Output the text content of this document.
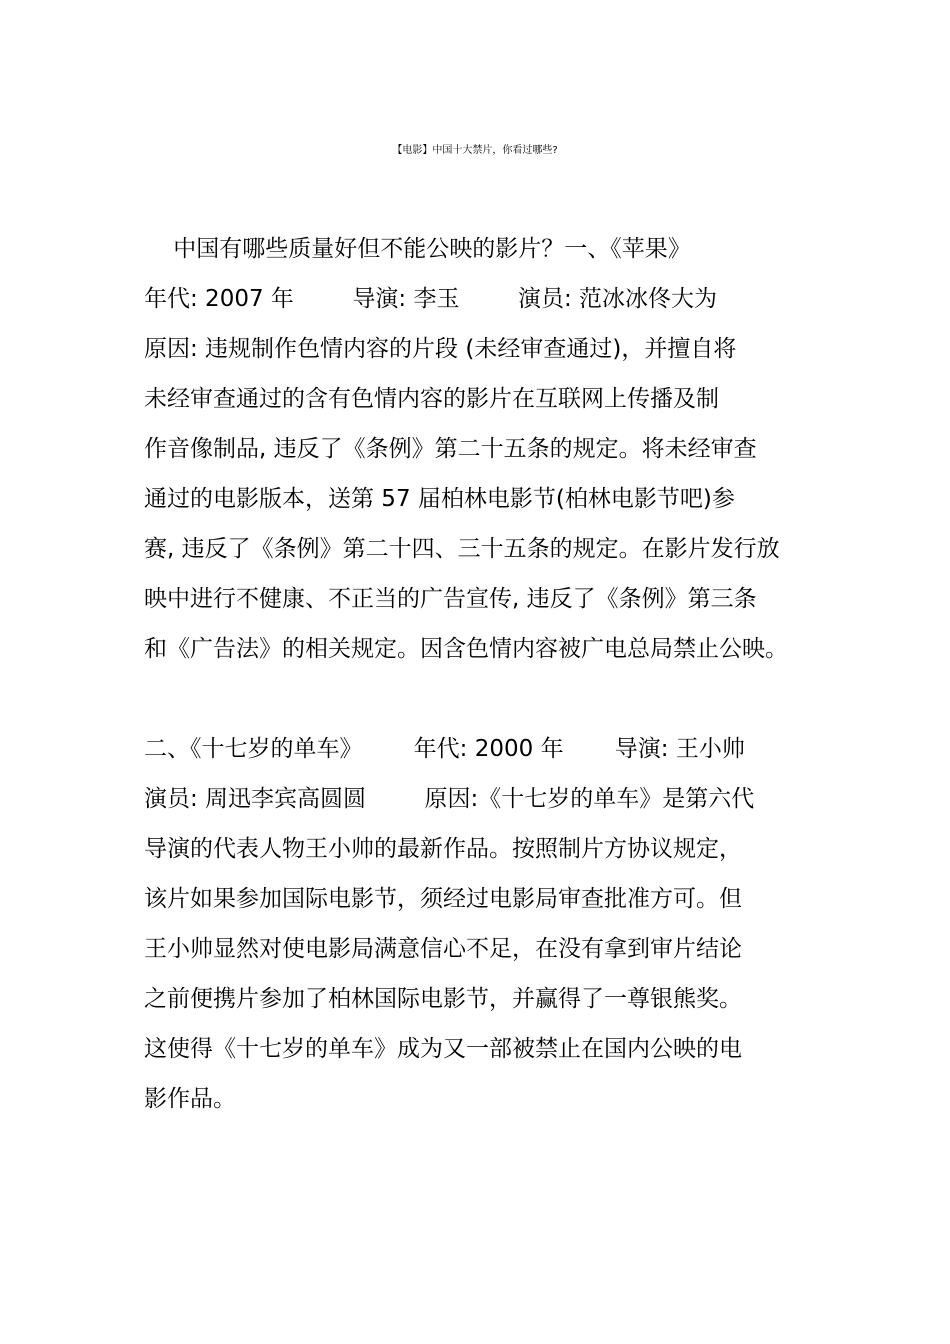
【电影】中国十大禁片，你看过哪些?
中国有哪些质量好但不能公映的影片？一、《苹果》
年代: 2007 年        导演: 李玉        演员: 范冰冰佟大为
原因: 违规制作色情内容的片段 (未经审查通过)，并擅自将
未经审查通过的含有色情内容的影片在互联网上传播及制
作音像制品, 违反了《条例》第二十五条的规定。将未经审查
通过的电影版本，送第 57 届柏林电影节(柏林电影节吧)参
赛, 违反了《条例》第二十四、三十五条的规定。在影片发行放
映中进行不健康、不正当的广告宣传, 违反了《条例》第三条
和《广告法》的相关规定。因含色情内容被广电总局禁止公映。
二、《十七岁的单车》       年代: 2000 年       导演: 王小帅
演员: 周迅李宾高圆圆        原因:《十七岁的单车》是第六代
导演的代表人物王小帅的最新作品。按照制片方协议规定，
该片如果参加国际电影节，须经过电影局审查批准方可。但
王小帅显然对使电影局满意信心不足，在没有拿到审片结论
之前便携片参加了柏林国际电影节，并赢得了一尊银熊奖。
这使得《十七岁的单车》成为又一部被禁止在国内公映的电
影作品。
